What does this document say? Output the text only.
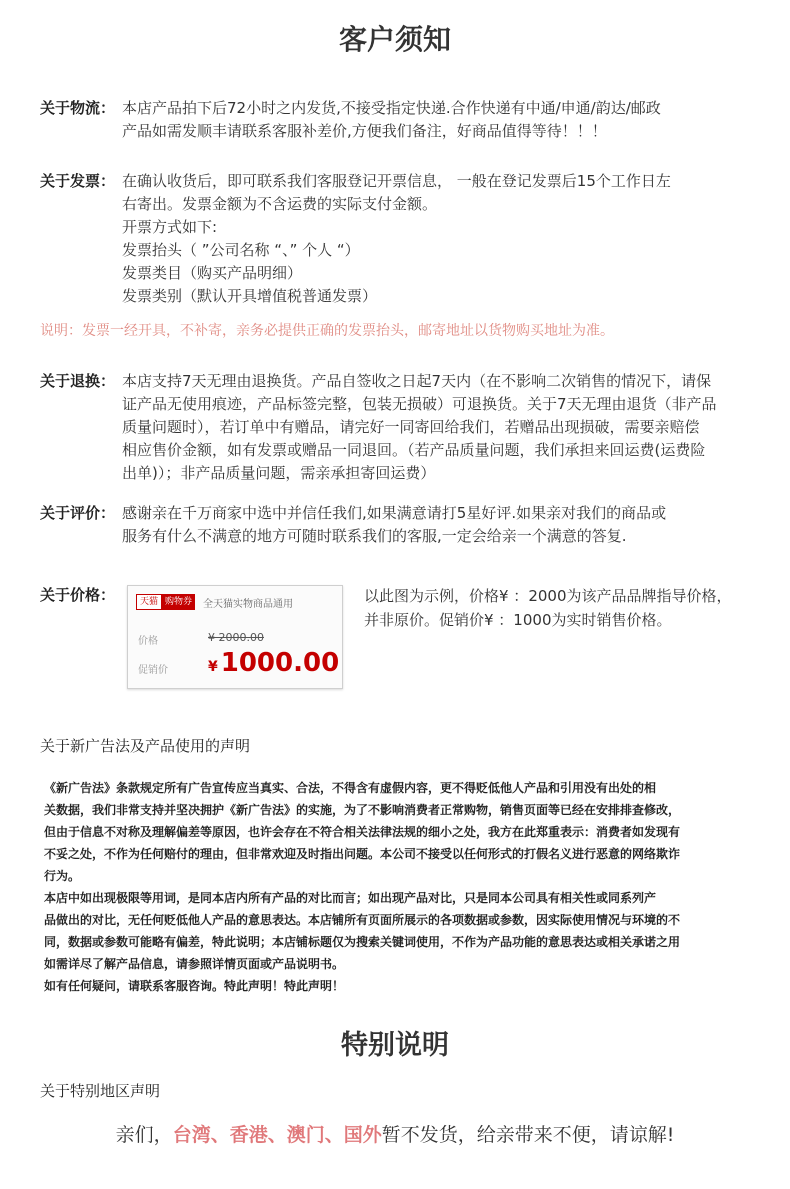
客户须知
关于物流： 本店产品拍下后72小时之内发货,不接受指定快递.合作快递有中通/申通/韵达/邮政
产品如需发顺丰请联系客服补差价,方便我们备注，好商品值得等待！！！
关于发票： 在确认收货后，即可联系我们客服登记开票信息， 一般在登记发票后15个工作日左
右寄出。发票金额为不含运费的实际支付金额。
开票方式如下:
发票抬头（ ”公司名称 “、” 个人 “）
发票类目（购买产品明细）
发票类别（默认开具增值税普通发票）
说明：发票一经开具，不补寄，亲务必提供正确的发票抬头，邮寄地址以货物购买地址为准。
关于退换： 本店支持7天无理由退换货。产品自签收之日起7天内（在不影响二次销售的情况下，请保
证产品无使用痕迹，产品标签完整，包装无损破）可退换货。关于7天无理由退货（非产品
质量问题时），若订单中有赠品，请完好一同寄回给我们，若赠品出现损破，需要亲赔偿
相应售价金额，如有发票或赠品一同退回。（若产品质量问题，我们承担来回运费(运费险
出单)）；非产品质量问题，需亲承担寄回运费）
关于评价： 感谢亲在千万商家中选中并信任我们,如果满意请打5星好评.如果亲对我们的商品或
服务有什么不满意的地方可随时联系我们的客服,一定会给亲一个满意的答复.
关于价格：	天猫 购物券	全天猫实物商品通用
价格	¥ 2000.00
促销价	¥ 1000.00
以此图为示例，价格¥ ：2000为该产品品牌指导价格，
并非原价。促销价¥ ：1000为实时销售价格。
关于新广告法及产品使用的声明
《新广告法》条款规定所有广告宣传应当真实、合法，不得含有虚假内容，更不得贬低他人产品和引用没有出处的相
关数据，我们非常支持并坚决拥护《新广告法》的实施，为了不影响消费者正常购物，销售页面等已经在安排排查修改，
但由于信息不对称及理解偏差等原因，也许会存在不符合相关法律法规的细小之处，我方在此郑重表示：消费者如发现有
不妥之处，不作为任何赔付的理由，但非常欢迎及时指出问题。本公司不接受以任何形式的打假名义进行恶意的网络欺诈
行为。
本店中如出现极限等用词，是同本店内所有产品的对比而言；如出现产品对比，只是同本公司具有相关性或同系列产
品做出的对比，无任何贬低他人产品的意思表达。本店铺所有页面所展示的各项数据或参数，因实际使用情况与环境的不
同，数据或参数可能略有偏差，特此说明；本店铺标题仅为搜索关键词使用，不作为产品功能的意思表达或相关承诺之用
如需详尽了解产品信息，请参照详情页面或产品说明书。
如有任何疑问，请联系客服咨询。特此声明！特此声明！
特别说明
关于特别地区声明
亲们，台湾、香港、澳门、国外暂不发货，给亲带来不便，请谅解!
